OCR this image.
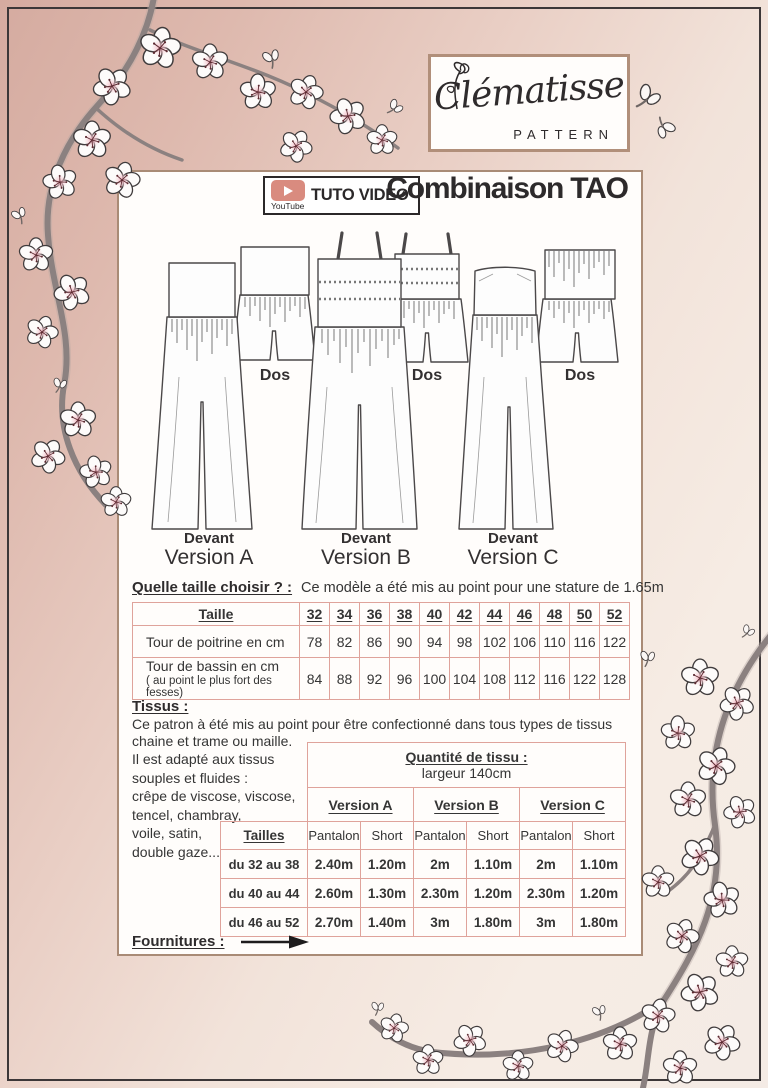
Clématisse
PATTERN
YouTube
TUTO VIDEO
Combinaison TAO
Dos	Dos	Dos
Devant	Devant	Devant
Version A	Version B	Version C
Quelle taille choisir ? : Ce modèle a été mis au point pour une stature de 1.65m
Taille	32	34	36	38	40	42	44	46	48	50	52
Tour de poitrine en cm	78	82	86	90	94	98	102	106	110	116	122
Tour de bassin en cm
( au point le plus fort des fesses)	84	88	92	96	100	104	108	112	116	122	128
Tissus :
Ce patron à été mis au point pour être confectionné dans tous types de tissus
chaine et trame ou maille.
Il est adapté aux tissus
souples et fluides :
crêpe de viscose, viscose,
tencel, chambray,
voile, satin,
double gaze...

	Quantité de tissu :
largeur 140cm					
	Version A		Version B		Version C	
Tailles	Pantalon	Short	Pantalon	Short	Pantalon	Short
du 32 au 38	2.40m	1.20m	2m	1.10m	2m	1.10m
du 40 au 44	2.60m	1.30m	2.30m	1.20m	2.30m	1.20m
du 46 au 52	2.70m	1.40m	3m	1.80m	3m	1.80m
Fournitures :
